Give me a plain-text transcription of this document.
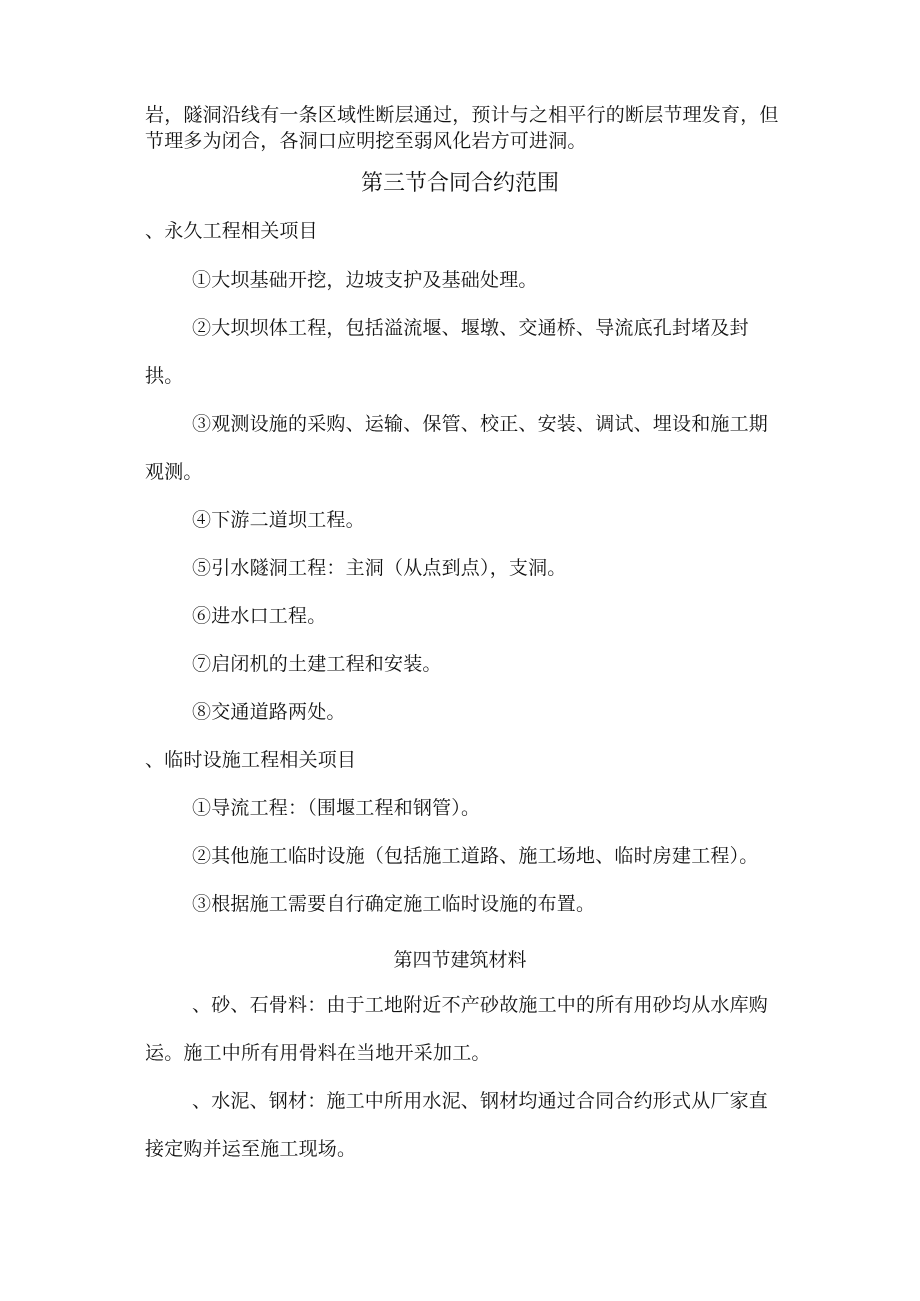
岩，隧洞沿线有一条区域性断层通过，预计与之相平行的断层节理发育，但
节理多为闭合，各洞口应明挖至弱风化岩方可进洞。
第三节合同合约范围
、永久工程相关项目
①大坝基础开挖，边坡支护及基础处理。
②大坝坝体工程，包括溢流堰、堰墩、交通桥、导流底孔封堵及封
拱。
③观测设施的采购、运输、保管、校正、安装、调试、埋设和施工期
观测。
④下游二道坝工程。
⑤引水隧洞工程：主洞（从点到点），支洞。
⑥进水口工程。
⑦启闭机的土建工程和安装。
⑧交通道路两处。
、临时设施工程相关项目
①导流工程：（围堰工程和钢管）。
②其他施工临时设施（包括施工道路、施工场地、临时房建工程）。
③根据施工需要自行确定施工临时设施的布置。
第四节建筑材料
、砂、石骨料：由于工地附近不产砂故施工中的所有用砂均从水库购
运。施工中所有用骨料在当地开采加工。
、水泥、钢材：施工中所用水泥、钢材均通过合同合约形式从厂家直
接定购并运至施工现场。
